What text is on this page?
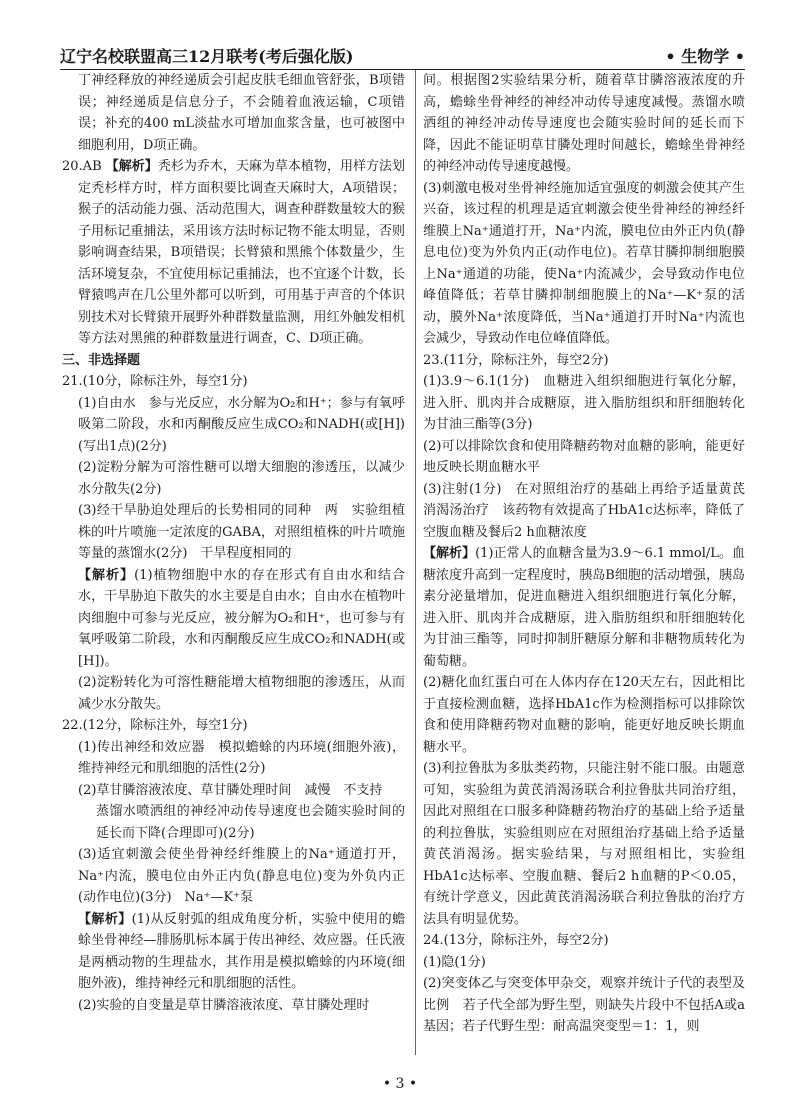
辽宁名校联盟高三12月联考(考后强化版)	• 生物学 •

丁神经释放的神经递质会引起皮肤毛细血管舒张，B项错误；神经递质是信息分子，不会随着血液运输，C项错误；补充的400 mL淡盐水可增加血浆含量，也可被图中细胞利用，D项正确。

20.AB 【解析】秃杉为乔木，天麻为草本植物，用样方法划定秃杉样方时，样方面积要比调查天麻时大，A项错误；猴子的活动能力强、活动范围大，调查种群数量较大的猴子用标记重捕法，采用该方法时标记物不能太明显，否则影响调查结果，B项错误；长臂猿和黑熊个体数量少，生活环境复杂，不宜使用标记重捕法，也不宜逐个计数，长臂猿鸣声在几公里外都可以听到，可用基于声音的个体识别技术对长臂猿开展野外种群数量监测，用红外触发相机等方法对黑熊的种群数量进行调查，C、D项正确。

三、非选择题

21.(10分，除标注外，每空1分)

(1)自由水　参与光反应，水分解为O₂和H⁺；参与有氧呼吸第二阶段，水和丙酮酸反应生成CO₂和NADH(或[H])(写出1点)(2分)

(2)淀粉分解为可溶性糖可以增大细胞的渗透压，以减少水分散失(2分)

(3)经干旱胁迫处理后的长势相同的同种　两　实验组植株的叶片喷施一定浓度的GABA，对照组植株的叶片喷施等量的蒸馏水(2分)　干旱程度相同的

【解析】(1)植物细胞中水的存在形式有自由水和结合水，干旱胁迫下散失的水主要是自由水；自由水在植物叶肉细胞中可参与光反应，被分解为O₂和H⁺，也可参与有氧呼吸第二阶段，水和丙酮酸反应生成CO₂和NADH(或[H])。

(2)淀粉转化为可溶性糖能增大植物细胞的渗透压，从而减少水分散失。

22.(12分，除标注外，每空1分)

(1)传出神经和效应器　模拟蟾蜍的内环境(细胞外液)，维持神经元和肌细胞的活性(2分)

(2)草甘膦溶液浓度、草甘膦处理时间　减慢　不支持

蒸馏水喷洒组的神经冲动传导速度也会随实验时间的延长而下降(合理即可)(2分)

(3)适宜刺激会使坐骨神经纤维膜上的Na⁺通道打开，Na⁺内流，膜电位由外正内负(静息电位)变为外负内正(动作电位)(3分)　Na⁺—K⁺泵

【解析】(1)从反射弧的组成角度分析，实验中使用的蟾蜍坐骨神经—腓肠肌标本属于传出神经、效应器。任氏液是两栖动物的生理盐水，其作用是模拟蟾蜍的内环境(细胞外液)，维持神经元和肌细胞的活性。

(2)实验的自变量是草甘膦溶液浓度、草甘膦处理时

间。根据图2实验结果分析，随着草甘膦溶液浓度的升高，蟾蜍坐骨神经的神经冲动传导速度减慢。蒸馏水喷洒组的神经冲动传导速度也会随实验时间的延长而下降，因此不能证明草甘膦处理时间越长，蟾蜍坐骨神经的神经冲动传导速度越慢。

(3)刺激电极对坐骨神经施加适宜强度的刺激会使其产生兴奋，该过程的机理是适宜刺激会使坐骨神经的神经纤维膜上Na⁺通道打开，Na⁺内流，膜电位由外正内负(静息电位)变为外负内正(动作电位)。若草甘膦抑制细胞膜上Na⁺通道的功能，使Na⁺内流减少，会导致动作电位峰值降低；若草甘膦抑制细胞膜上的Na⁺—K⁺泵的活动，膜外Na⁺浓度降低，当Na⁺通道打开时Na⁺内流也会减少，导致动作电位峰值降低。

23.(11分，除标注外，每空2分)

(1)3.9～6.1(1分)　血糖进入组织细胞进行氧化分解，进入肝、肌肉并合成糖原，进入脂肪组织和肝细胞转化为甘油三酯等(3分)

(2)可以排除饮食和使用降糖药物对血糖的影响，能更好地反映长期血糖水平

(3)注射(1分)　在对照组治疗的基础上再给予适量黄芪消渴汤治疗　该药物有效提高了HbA1c达标率，降低了空腹血糖及餐后2 h血糖浓度

【解析】(1)正常人的血糖含量为3.9～6.1 mmol/L。血糖浓度升高到一定程度时，胰岛B细胞的活动增强，胰岛素分泌量增加，促进血糖进入组织细胞进行氧化分解，进入肝、肌肉并合成糖原，进入脂肪组织和肝细胞转化为甘油三酯等，同时抑制肝糖原分解和非糖物质转化为葡萄糖。

(2)糖化血红蛋白可在人体内存在120天左右，因此相比于直接检测血糖，选择HbA1c作为检测指标可以排除饮食和使用降糖药物对血糖的影响，能更好地反映长期血糖水平。

(3)利拉鲁肽为多肽类药物，只能注射不能口服。由题意可知，实验组为黄芪消渴汤联合利拉鲁肽共同治疗组，因此对照组在口服多种降糖药物治疗的基础上给予适量的利拉鲁肽，实验组则应在对照组治疗基础上给予适量黄芪消渴汤。据实验结果，与对照组相比，实验组HbA1c达标率、空腹血糖、餐后2 h血糖的P＜0.05，有统计学意义，因此黄芪消渴汤联合利拉鲁肽的治疗方法具有明显优势。

24.(13分，除标注外，每空2分)

(1)隐(1分)

(2)突变体乙与突变体甲杂交，观察并统计子代的表型及比例　若子代全部为野生型，则缺失片段中不包括A或a基因；若子代野生型：耐高温突变型＝1：1，则

• 3 •
